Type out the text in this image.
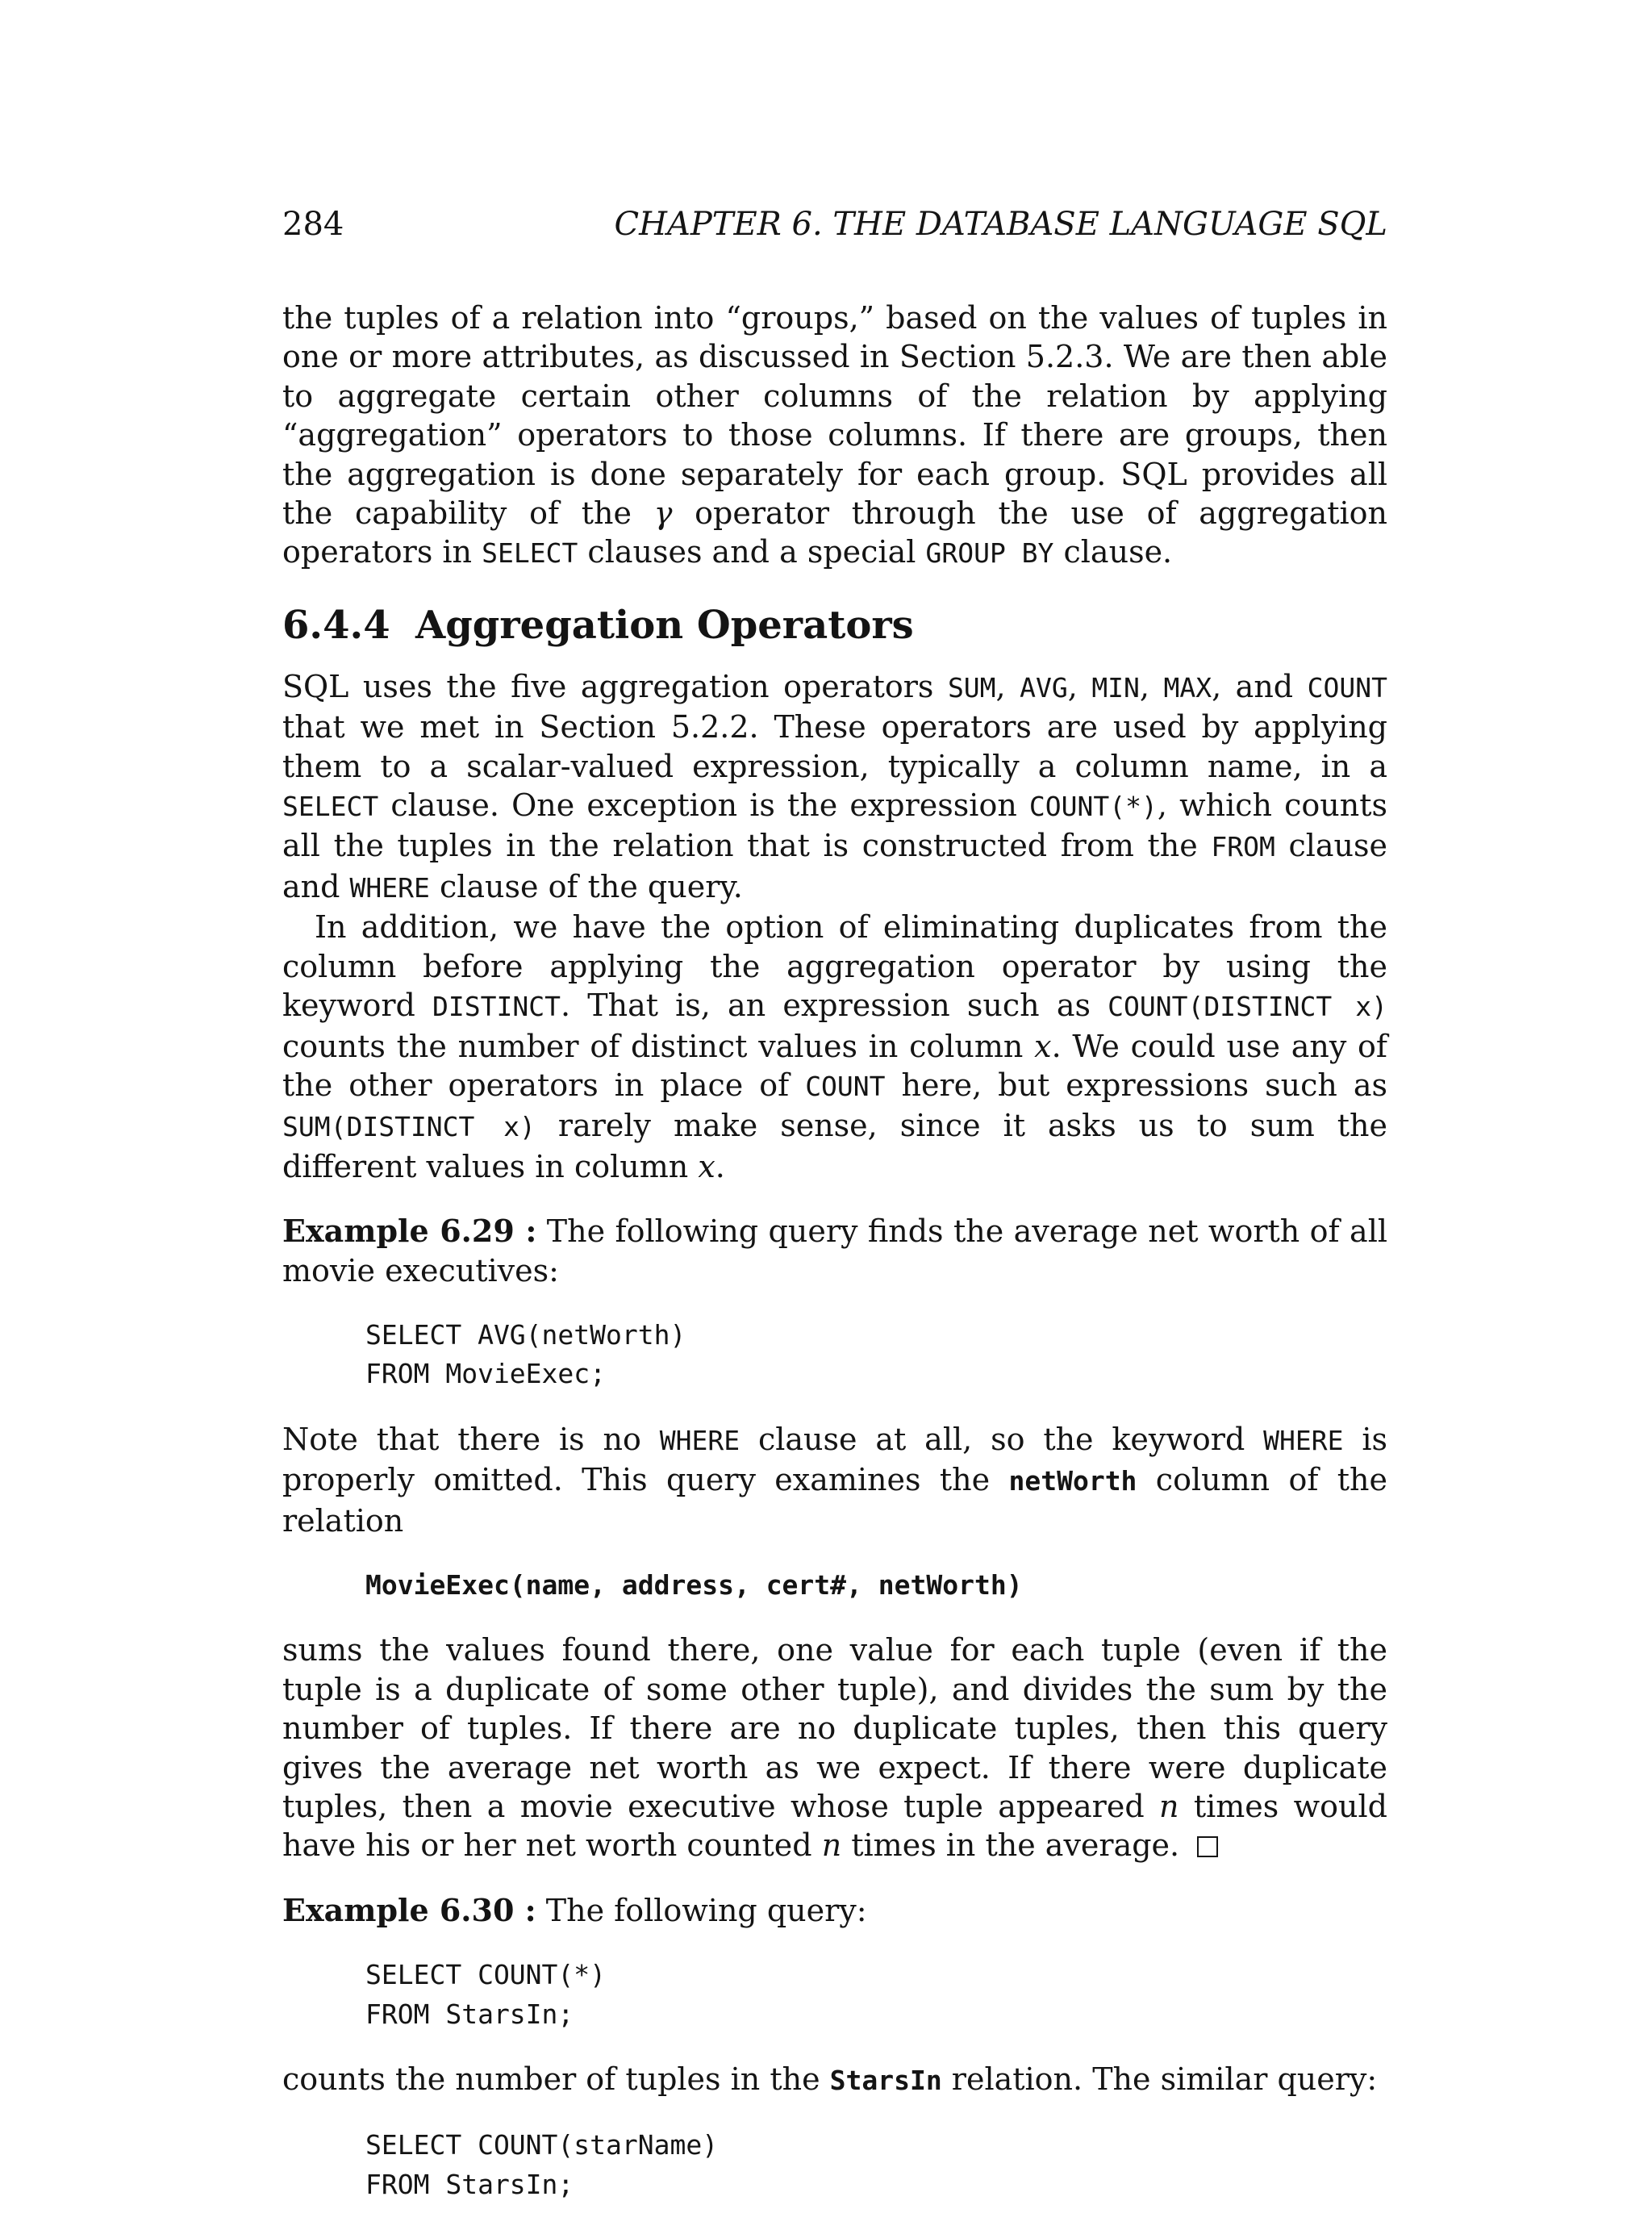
284	CHAPTER 6. THE DATABASE LANGUAGE SQL

the tuples of a relation into “groups,” based on the values of tuples in one or more attributes, as discussed in Section 5.2.3. We are then able to aggregate certain other columns of the relation by applying “aggregation” operators to those columns. If there are groups, then the aggregation is done separately for each group. SQL provides all the capability of the γ operator through the use of aggregation operators in SELECT clauses and a special GROUP BY clause.

6.4.4 Aggregation Operators

SQL uses the five aggregation operators SUM, AVG, MIN, MAX, and COUNT that we met in Section 5.2.2. These operators are used by applying them to a scalar-valued expression, typically a column name, in a SELECT clause. One exception is the expression COUNT(*), which counts all the tuples in the relation that is constructed from the FROM clause and WHERE clause of the query.

In addition, we have the option of eliminating duplicates from the column before applying the aggregation operator by using the keyword DISTINCT. That is, an expression such as COUNT(DISTINCT x) counts the number of distinct values in column x. We could use any of the other operators in place of COUNT here, but expressions such as SUM(DISTINCT x) rarely make sense, since it asks us to sum the different values in column x.

Example 6.29 : The following query finds the average net worth of all movie executives:

SELECT AVG(netWorth)
FROM MovieExec;

Note that there is no WHERE clause at all, so the keyword WHERE is properly omitted. This query examines the netWorth column of the relation

MovieExec(name, address, cert#, netWorth)

sums the values found there, one value for each tuple (even if the tuple is a duplicate of some other tuple), and divides the sum by the number of tuples. If there are no duplicate tuples, then this query gives the average net worth as we expect. If there were duplicate tuples, then a movie executive whose tuple appeared n times would have his or her net worth counted n times in the average.

Example 6.30 : The following query:

SELECT COUNT(*)
FROM StarsIn;

counts the number of tuples in the StarsIn relation. The similar query:

SELECT COUNT(starName)
FROM StarsIn;
